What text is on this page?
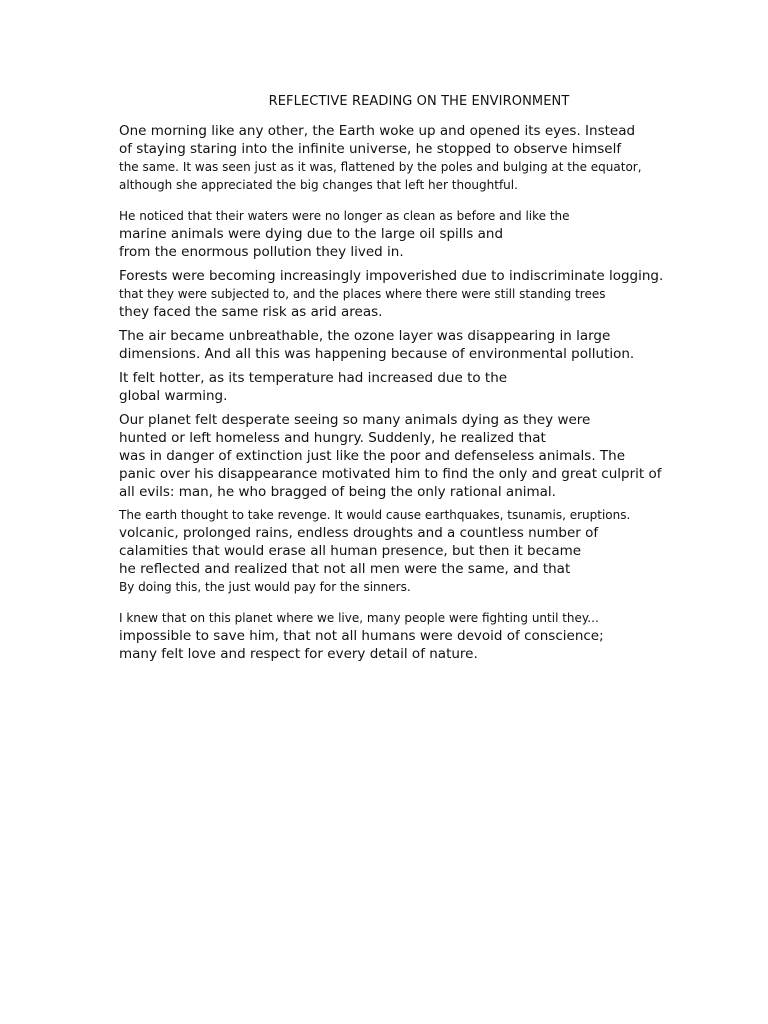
REFLECTIVE READING ON THE ENVIRONMENT
One morning like any other, the Earth woke up and opened its eyes. Instead
of staying staring into the infinite universe, he stopped to observe himself
the same. It was seen just as it was, flattened by the poles and bulging at the equator,
although she appreciated the big changes that left her thoughtful.
He noticed that their waters were no longer as clean as before and like the
marine animals were dying due to the large oil spills and
from the enormous pollution they lived in.
Forests were becoming increasingly impoverished due to indiscriminate logging.
that they were subjected to, and the places where there were still standing trees
they faced the same risk as arid areas.
The air became unbreathable, the ozone layer was disappearing in large
dimensions. And all this was happening because of environmental pollution.
It felt hotter, as its temperature had increased due to the
global warming.
Our planet felt desperate seeing so many animals dying as they were
hunted or left homeless and hungry. Suddenly, he realized that
was in danger of extinction just like the poor and defenseless animals. The
panic over his disappearance motivated him to find the only and great culprit of
all evils: man, he who bragged of being the only rational animal.
The earth thought to take revenge. It would cause earthquakes, tsunamis, eruptions.
volcanic, prolonged rains, endless droughts and a countless number of
calamities that would erase all human presence, but then it became
he reflected and realized that not all men were the same, and that
By doing this, the just would pay for the sinners.
I knew that on this planet where we live, many people were fighting until they...
impossible to save him, that not all humans were devoid of conscience;
many felt love and respect for every detail of nature.
